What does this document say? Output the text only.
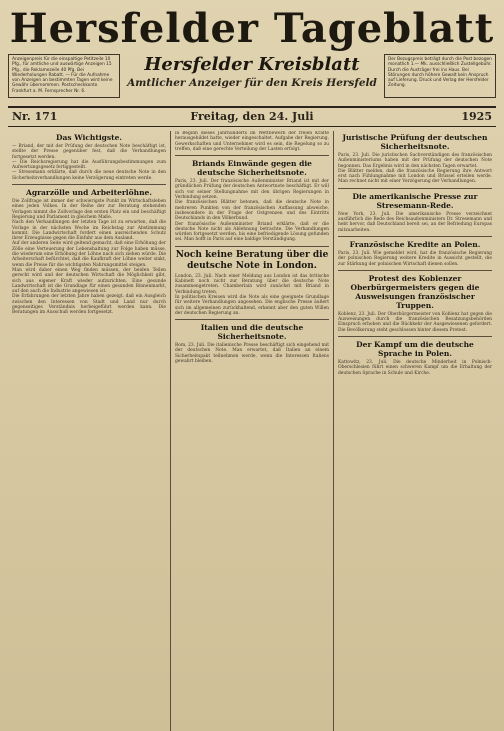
Hersfelder Tageblatt
Anzeigenpreis für die einspaltige Petitzeile 10 Pfg., für amtliche und auswärtige Anzeigen 15 Pfg., die Reklamezeile 40 Pfg. Bei Wiederholungen Rabatt. — Für die Aufnahme von Anzeigen an bestimmten Tagen wird keine Gewähr übernommen. Postscheckkonto Frankfurt a. M. Fernsprecher Nr. 6.
Hersfelder Kreisblatt
Amtlicher Anzeiger für den Kreis Hersfeld
Der Bezugspreis beträgt durch die Post bezogen monatlich 1.— Mk. ausschließlich Zustellgebühr. Durch die Austräger frei ins Haus. Bei Störungen durch höhere Gewalt kein Anspruch auf Lieferung. Druck und Verlag der Hersfelder Zeitung.
Nr. 171	Freitag, den 24. Juli	1925
Das Wichtigste.

— Briand, der mit der Prüfung der deutschen Note beschäftigt ist, stellte der Presse gegenüber fest, daß die Verhandlungen fortgesetzt werden.

— Die Reichsregierung hat die Ausführungsbestimmungen zum Aufwertungsgesetz fertiggestellt.

— Stresemann erklärte, daß durch die neue deutsche Note in den Sicherheitsverhandlungen keine Verzögerung eintreten werde.

Agrarzölle und Arbeiterlöhne.

Die Zollfrage ist immer der schwierigste Punkt im Wirtschaftsleben eines jeden Volkes. In der Reihe der zur Beratung stehenden Vorlagen nimmt die Zollvorlage den ersten Platz ein und beschäftigt Regierung und Parlament in gleichem Maße.

Nach den Verhandlungen der letzten Tage ist zu erwarten, daß die Vorlage in der nächsten Woche im Reichstag zur Abstimmung kommt. Die Landwirtschaft fordert einen ausreichenden Schutz ihrer Erzeugnisse gegen die Einfuhr aus dem Ausland.

Auf der anderen Seite wird geltend gemacht, daß eine Erhöhung der Zölle eine Verteuerung der Lebenshaltung zur Folge haben müsse, die wiederum eine Erhöhung der Löhne nach sich ziehen würde. Die Arbeiterschaft befürchtet, daß die Kaufkraft der Löhne weiter sinkt, wenn die Preise für die wichtigsten Nahrungsmittel steigen.

Man wird daher einen Weg finden müssen, der beiden Teilen gerecht wird und der deutschen Wirtschaft die Möglichkeit gibt, sich aus eigener Kraft wieder aufzurichten. Eine gesunde Landwirtschaft ist die Grundlage für einen gesunden Binnenmarkt, auf den auch die Industrie angewiesen ist.

Die Erfahrungen der letzten Jahre haben gezeigt, daß ein Ausgleich zwischen den Interessen von Stadt und Land nur durch gegenseitiges Verständnis herbeigeführt werden kann. Die Beratungen im Ausschuß werden fortgesetzt.

in Beginn dieses Jahrhunderts im Wettbewerb der freien Kräfte herausgebildet hatte, wieder eingeschaltet. Aufgabe der Regierung, Gewerkschaften und Unternehmer wird es sein, die Regelung so zu treffen, daß eine gerechte Verteilung der Lasten erfolgt.

Briands Einwände gegen die deutsche Sicherheitsnote.

Paris, 23. Juli. Der französische Außenminister Briand ist mit der gründlichen Prüfung der deutschen Antwortnote beschäftigt. Er will sich vor seiner Stellungnahme mit den übrigen Regierungen in Verbindung setzen.

Die französischen Blätter betonen, daß die deutsche Note in mehreren Punkten von der französischen Auffassung abweiche, insbesondere in der Frage der Ostgrenzen und des Eintritts Deutschlands in den Völkerbund.

Der französische Außenminister Briand erklärte, daß er die deutsche Note nicht als Ablehnung betrachte. Die Verhandlungen würden fortgesetzt werden, bis eine befriedigende Lösung gefunden sei. Man hofft in Paris auf eine baldige Verständigung.

Noch keine Beratung über die deutsche Note in London.

London, 23. Juli. Nach einer Meldung aus London ist das britische Kabinett noch nicht zur Beratung über die deutsche Note zusammengetreten. Chamberlain wird zunächst mit Briand in Verbindung treten.

In politischen Kreisen wird die Note als eine geeignete Grundlage für weitere Verhandlungen angesehen. Die englische Presse äußert sich im allgemeinen zurückhaltend, erkennt aber den guten Willen der deutschen Regierung an.

Italien und die deutsche Sicherheitsnote.

Rom, 23. Juli. Die italienische Presse beschäftigt sich eingehend mit der deutschen Note. Man erwartet, daß Italien an einem Sicherheitspakt teilnehmen werde, wenn die Interessen Italiens gewahrt bleiben.

Juristische Prüfung der deutschen Sicherheitsnote.

Paris, 23. Juli. Die juristischen Sachverständigen des französischen Außenministeriums haben mit der Prüfung der deutschen Note begonnen. Das Ergebnis wird in den nächsten Tagen erwartet.

Die Blätter melden, daß die französische Regierung ihre Antwort erst nach Fühlungnahme mit London und Brüssel erteilen werde. Man rechnet nicht mit einer Verzögerung der Verhandlungen.

Die amerikanische Presse zur Stresemann-Rede.

New York, 23. Juli. Die amerikanische Presse verzeichnet ausführlich die Rede des Reichsaußenministers Dr. Stresemann und hebt hervor, daß Deutschland bereit sei, an der Befriedung Europas mitzuarbeiten.

Französische Kredite an Polen.

Paris, 23. Juli. Wie gemeldet wird, hat die französische Regierung der polnischen Regierung weitere Kredite in Aussicht gestellt, die zur Stärkung der polnischen Wirtschaft dienen sollen.

Protest des Koblenzer Oberbürgermeisters gegen die Ausweisungen französischer Truppen.

Koblenz, 23. Juli. Der Oberbürgermeister von Koblenz hat gegen die Ausweisungen durch die französischen Besatzungsbehörden Einspruch erhoben und die Rückkehr der Ausgewiesenen gefordert. Die Bevölkerung steht geschlossen hinter diesem Protest.

Der Kampf um die deutsche Sprache in Polen.

Kattowitz, 23. Juli. Die deutsche Minderheit in Polnisch-Oberschlesien führt einen schweren Kampf um die Erhaltung der deutschen Sprache in Schule und Kirche.
